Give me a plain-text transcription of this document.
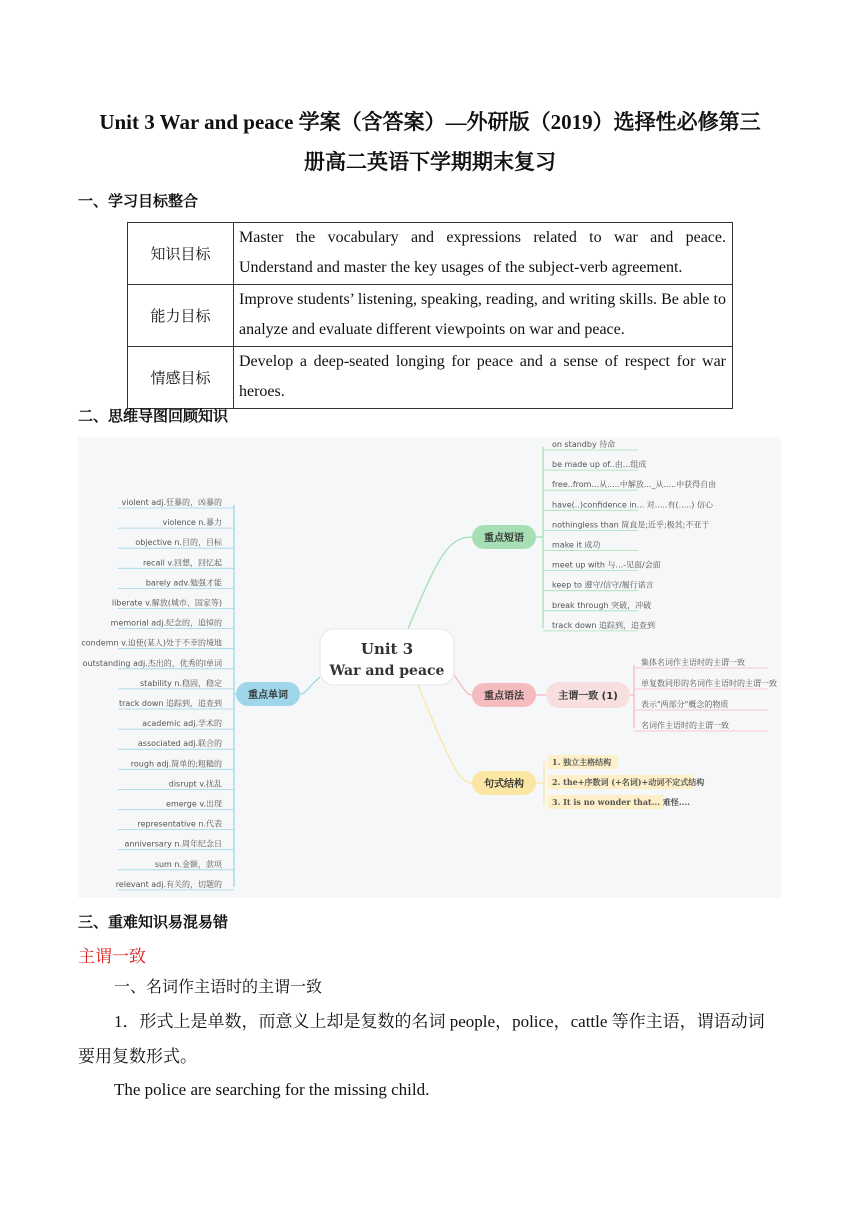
Unit 3 War and peace 学案（含答案）—外研版（2019）选择性必修第三
册高二英语下学期期末复习
一、学习目标整合
知识目标	Master the vocabulary and expressions related to war and peace. Understand and master the key usages of the subject-verb agreement.
能力目标	Improve students’ listening, speaking, reading, and writing skills. Be able to analyze and evaluate different viewpoints on war and peace.
情感目标	Develop a deep-seated longing for peace and a sense of respect for war heroes.
二、思维导图回顾知识
Unit 3
War and peace
重点单词
重点短语
重点语法	主谓一致 (1)
句式结构
violent adj.狂暴的，凶暴的
violence n.暴力
objective n.目的，目标
recall v.回想，回忆起
barely adv.勉强才能
liberate v.解放(城市、国家等)
memorial adj.纪念的，追悼的
condemn v.迫使(某人)处于不幸的境地
outstanding adj.杰出的，优秀的l单词
stability n.稳固，稳定
track down 追踪到，追查到
academic adj.学术的
associated adj.联合的
rough adj.简单的;粗糙的
disrupt v.扰乱
emerge v.出现
representative n.代表
anniversary n.周年纪念日
sum n.金额，款项
relevant adj.有关的，切题的
on standby 待命
be made up of..由...组成
free..from...从.....中解放..._从.....中获得自由
have(..)confidence in... 对.....有(.....) 信心
nothingless than 简直是;近乎;极其;不亚于
make it 成功
meet up with 与...-见面/会面
keep to 遵守/信守/履行诺言
break through 突破，冲破
track down 追踪到，追查到
集体名词作主语时的主谓一致
单复数同形的名词作主语时的主谓一致
表示"两部分"概念的物质
名词作主语时的主谓一致
1. 独立主格结构
2. the+序数词 (+名词)+动词不定式结构
3. It is no wonder that... 难怪....
三、重难知识易混易错
主谓一致
一、名词作主语时的主谓一致
1．形式上是单数，而意义上却是复数的名词 people，police，cattle 等作主语，谓语动词
要用复数形式。
The police are searching for the missing child.
